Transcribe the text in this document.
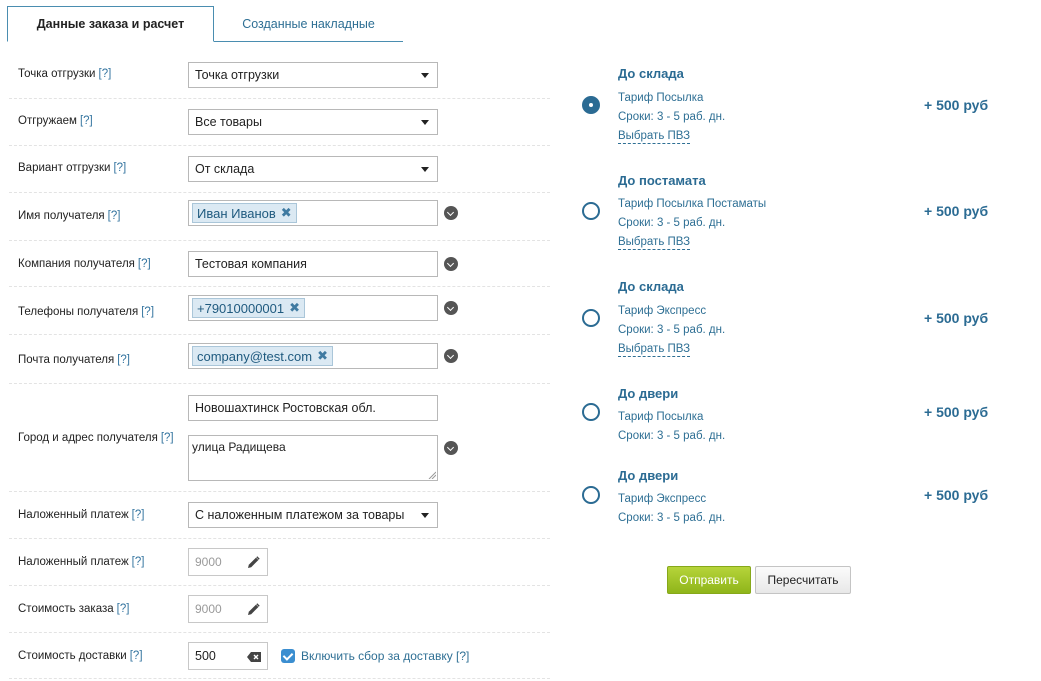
Данные заказа и расчет	Созданные накладные
Точка отгрузки [?]	Точка отгрузки
Отгружаем [?]	Все товары
Вариант отгрузки [?]	От склада
Имя получателя [?]	Иван Иванов ✖
Компания получателя [?]	Тестовая компания
Телефоны получателя [?]	+79010000001 ✖
Почта получателя [?]	company@test.com ✖
Город и адрес получателя [?]
Новошахтинск Ростовская обл.
улица Радищева
Наложенный платеж [?]	С наложенным платежом за товары
Наложенный платеж [?]	9000
Стоимость заказа [?]	9000
Стоимость доставки [?]	500	Включить сбор за доставку [?]
До склада
Тариф Посылка
Сроки: 3 - 5 раб. дн.
Выбрать ПВЗ
+ 500 руб
До постамата
Тариф Посылка Постаматы
Сроки: 3 - 5 раб. дн.
Выбрать ПВЗ
+ 500 руб
До склада
Тариф Экспресс
Сроки: 3 - 5 раб. дн.
Выбрать ПВЗ
+ 500 руб
До двери
Тариф Посылка
Сроки: 3 - 5 раб. дн.
+ 500 руб
До двери
Тариф Экспресс
Сроки: 3 - 5 раб. дн.
+ 500 руб
Отправить Пересчитать
